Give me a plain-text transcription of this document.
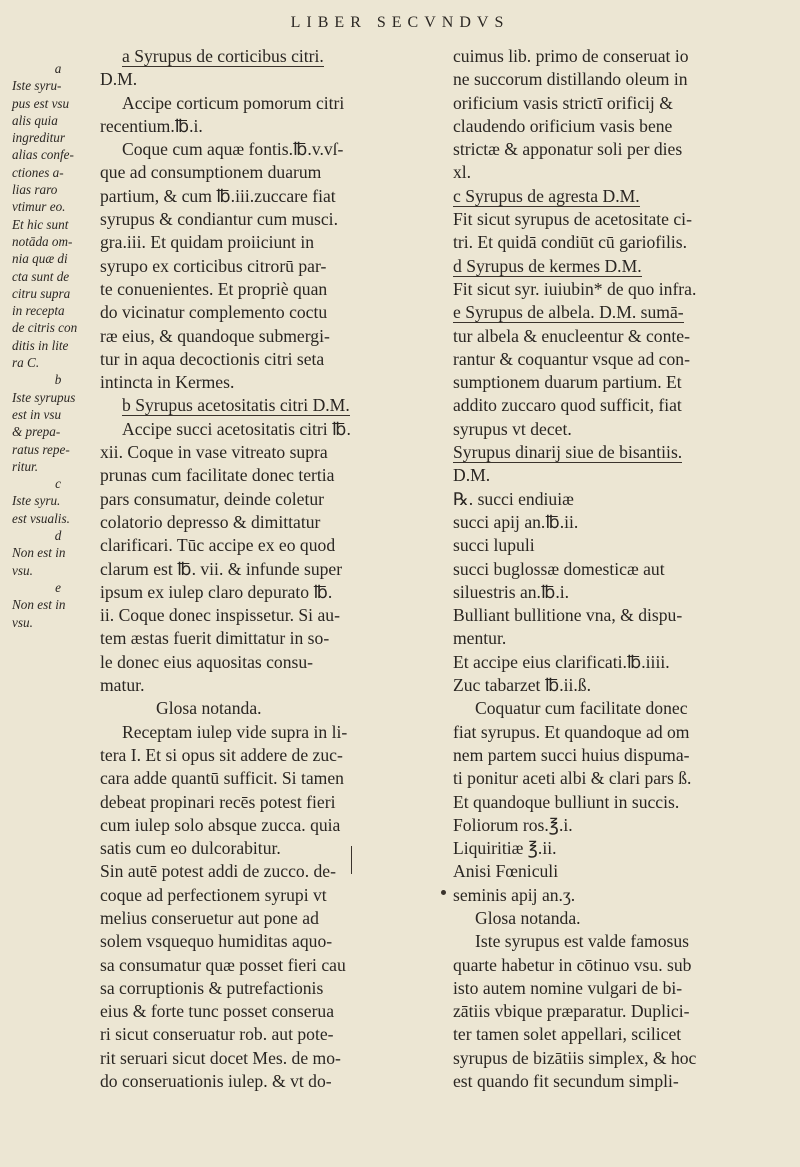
LIBER SECVNDVS
a
Iste syru-
pus est vsu
alis quia
ingreditur
alias confe-
ctiones a-
lias raro
vtimur eo.
Et hic sunt
notāda om-
nia quæ di
cta sunt de
citru supra
in recepta
de citris con
ditis in lite
ra C.
b
Iste syrupus
est in vsu
& prepa-
ratus repe-
ritur.
c
Iste syru.
est vsualis.
d
Non est in
vsu.
e
Non est in
vsu.
a Syrupus de corticibus citri.
D.M.
Accipe corticum pomorum citri
recentium.℔.i.
Coque cum aquæ fontis.℔.v.vſ-
que ad consumptionem duarum
partium, & cum ℔.iii.zuccare fiat
syrupus & condiantur cum musci.
gra.iii. Et quidam proiiciunt in
syrupo ex corticibus citrorū par-
te conuenientes. Et propriè quan
do vicinatur complemento coctu
ræ eius, & quandoque submergi-
tur in aqua decoctionis citri seta
intincta in Kermes.
b Syrupus acetositatis citri D.M.
Accipe succi acetositatis citri ℔.
xii. Coque in vase vitreato supra
prunas cum facilitate donec tertia
pars consumatur, deinde coletur
colatorio depresso & dimittatur
clarificari. Tūc accipe ex eo quod
clarum est ℔. vii. & infunde super
ipsum ex iulep claro depurato ℔.
ii. Coque donec inspissetur. Si au-
tem æstas fuerit dimittatur in so-
le donec eius aquositas consu-
matur.
Glosa notanda.
Receptam iulep vide supra in li-
tera I. Et si opus sit addere de zuc-
cara adde quantū sufficit. Si tamen
debeat propinari recēs potest fieri
cum iulep solo absque zucca. quia
satis cum eo dulcorabitur.
Sin autē potest addi de zucco. de-
coque ad perfectionem syrupi vt
melius conseruetur aut pone ad
solem vsquequo humiditas aquo-
sa consumatur quæ posset fieri cau
sa corruptionis & putrefactionis
eius & forte tunc posset conserua
ri sicut conseruatur rob. aut pote-
rit seruari sicut docet Mes. de mo-
do conseruationis iulep. & vt do-
cuimus lib. primo de conseruat io
ne succorum distillando oleum in
orificium vasis strictī orificij &
claudendo orificium vasis bene
strictæ & apponatur soli per dies
xl.
c Syrupus de agresta D.M.
Fit sicut syrupus de acetositate ci-
tri. Et quidā condiūt cū gariofilis.
d Syrupus de kermes D.M.
Fit sicut syr. iuiubin* de quo infra.
e Syrupus de albela. D.M. sumā-
tur albela & enucleentur & conte-
rantur & coquantur vsque ad con-
sumptionem duarum partium. Et
addito zuccaro quod sufficit, fiat
syrupus vt decet.
Syrupus dinarij siue de bisantiis.
D.M.
℞. succi endiuiæ
succi apij an.℔.ii.
succi lupuli
succi buglossæ domesticæ aut
siluestris an.℔.i.
Bulliant bullitione vna, & dispu-
mentur.
Et accipe eius clarificati.℔.iiii.
Zuc tabarzet ℔.ii.ß.
Coquatur cum facilitate donec
fiat syrupus. Et quandoque ad om
nem partem succi huius dispuma-
ti ponitur aceti albi & clari pars ß.
Et quandoque bulliunt in succis.
Foliorum ros.℥.i.
Liquiritiæ ℥.ii.
Anisi Fœniculi
seminis apij an.ʒ.
Glosa notanda.
Iste syrupus est valde famosus
quarte habetur in cōtinuo vsu. sub
isto autem nomine vulgari de bi-
zātiis vbique præparatur. Duplici-
ter tamen solet appellari, scilicet
syrupus de bizātiis simplex, & hoc
est quando fit secundum simpli-
